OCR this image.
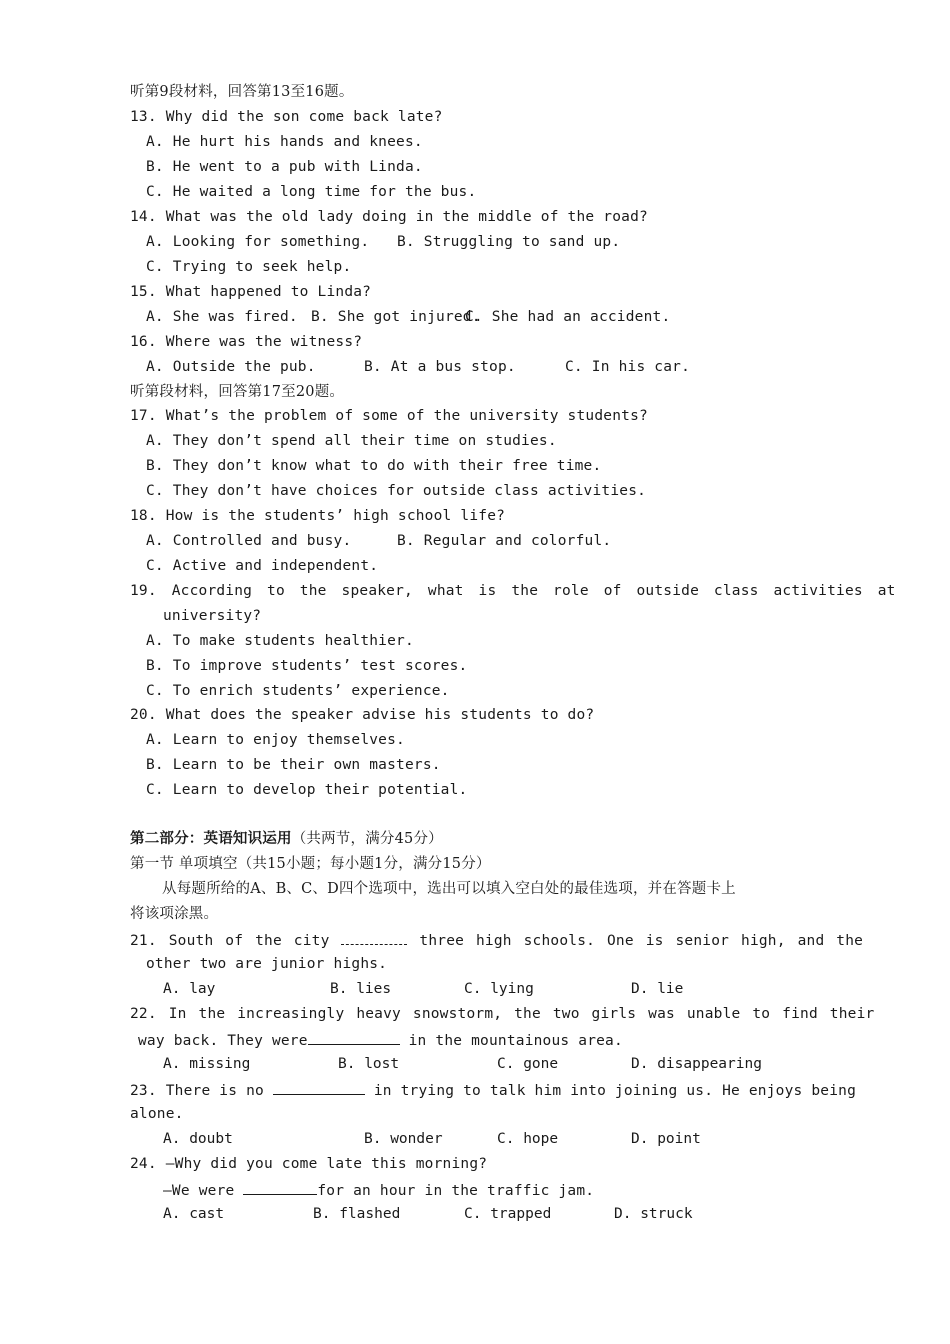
听第9段材料，回答第13至16题。
13. Why did the son come back late?
A. He hurt his hands and knees.
B. He went to a pub with Linda.
C. He waited a long time for the bus.
14. What was the old lady doing in the middle of the road?
A. Looking for something. B. Struggling to sand up.
C. Trying to seek help.
15. What happened to Linda?
A. She was fired. B. She got injured.
C. She had an accident.
16. Where was the witness?
A. Outside the pub.	B. At a bus stop.	C. In his car.
听第段材料，回答第17至20题。
17. What’s the problem of some of the university students?
A. They don’t spend all their time on studies.
B. They don’t know what to do with their free time.
C. They don’t have choices for outside class activities.
18. How is the students’ high school life?
A. Controlled and busy.	B. Regular and colorful.
C. Active and independent.
19. According to the speaker, what is the role of outside class activities at
university?
A. To make students healthier.
B. To improve students’ test scores.
C. To enrich students’ experience.
20. What does the speaker advise his students to do?
A. Learn to enjoy themselves.
B. Learn to be their own masters.
C. Learn to develop their potential.
第二部分：英语知识运用（共两节，满分45分）
第一节 单项填空（共15小题；每小题1分，满分15分）
从每题所给的A、B、C、D四个选项中，选出可以填入空白处的最佳选项，并在答题卡上
将该项涂黑。
21. South of the city	three high schools. One is senior high, and the
other two are junior highs.
A. lay	B. lies	C. lying	D. lie
22. In the increasingly heavy snowstorm, the two girls was unable to find their
way back. They were	in the mountainous area.
A. missing	B. lost	C. gone	D. disappearing
23. There is no	in trying to talk him into joining us. He enjoys being
alone.
A. doubt	B. wonder	C. hope	D. point
24. —Why did you come late this morning?
—We were	for an hour in the traffic jam.
A. cast	B. flashed	C. trapped	D. struck
